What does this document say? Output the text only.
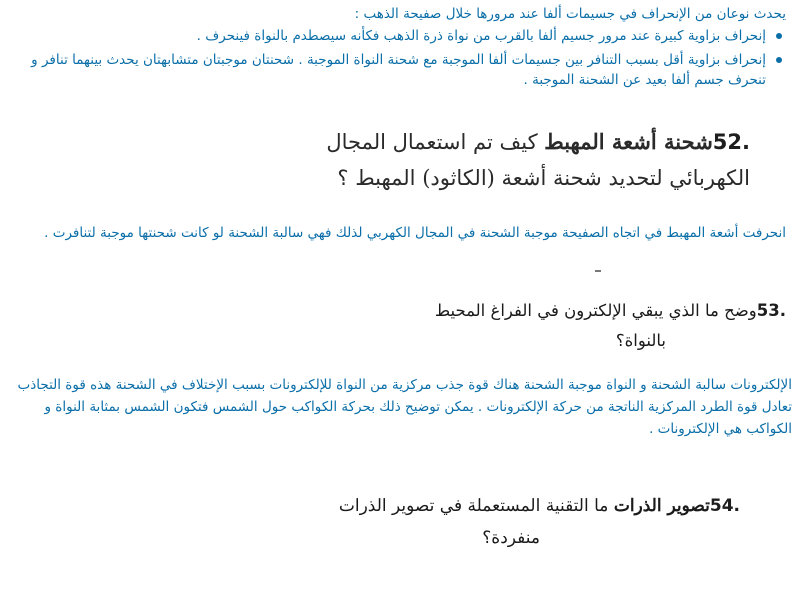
يحدث نوعان من الإنحراف في جسيمات ألفا عند مرورها خلال صفيحة الذهب :

إنحراف بزاوية كبيرة عند مرور جسيم ألفا بالقرب من نواة ذرة الذهب فكأنه سيصطدم بالنواة فينحرف .
إنحراف بزاوية أقل بسبب التنافر بين جسيمات ألفا الموجبة مع شحنة النواة الموجبة . شحنتان موجبتان متشابهتان يحدث بينهما تنافر و تنحرف جسم ألفا بعيد عن الشحنة الموجبة .
52.شحنة أشعة المهبط كيف تم استعمال المجال
الكهربائي لتحديد شحنة أشعة (الكاثود) المهبط ؟

انحرفت أشعة المهبط في اتجاه الصفيحة موجبة الشحنة في المجال الكهربي لذلك فهي سالبة الشحنة لو كانت شحنتها موجبة لتنافرت .

53.وضح ما الذي يبقي الإلكترون في الفراغ المحيط
بالنواة؟

الإلكترونات سالبة الشحنة و النواة موجبة الشحنة هناك قوة جذب مركزية من النواة للإلكترونات بسبب الإختلاف في الشحنة هذه قوة التجاذب تعادل قوة الطرد المركزية الناتجة من حركة الإلكترونات . يمكن توضيح ذلك بحركة الكواكب حول الشمس فتكون الشمس بمثابة النواة و الكواكب هي الإلكترونات .

54.تصوير الذرات ما التقنية المستعملة في تصوير الذرات
منفردة؟
